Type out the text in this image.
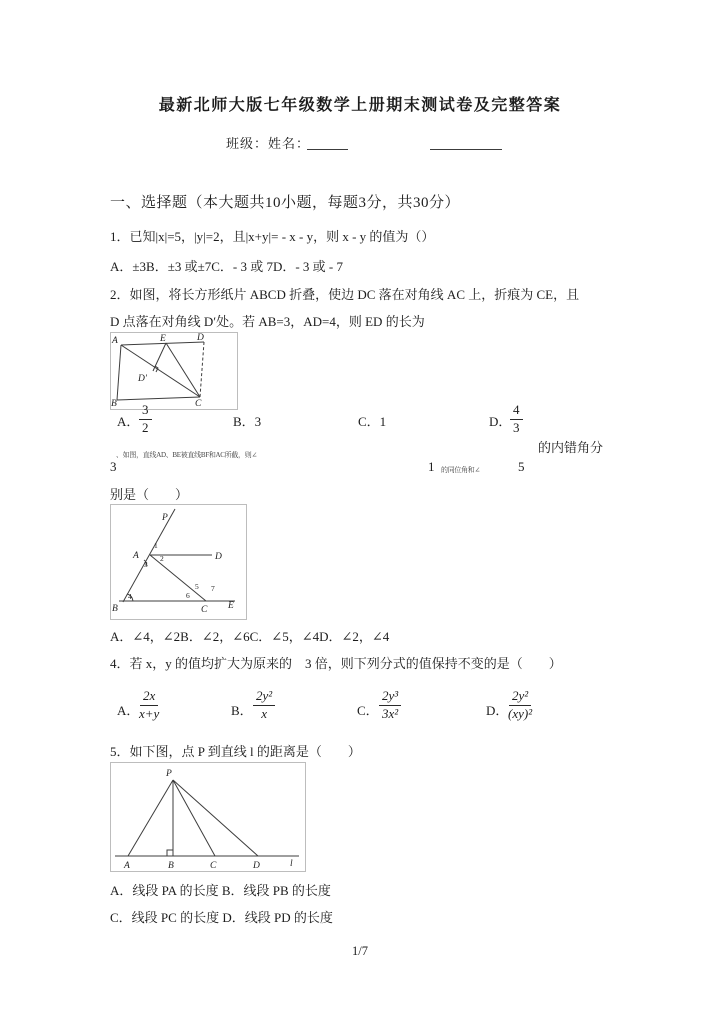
最新北师大版七年级数学上册期末测试卷及完整答案
班级：姓名：
一、选择题（本大题共10小题，每题3分，共30分）
1．已知|x|=5，|y|=2，且|x+y|= - x - y，则 x - y 的值为（）
A．±3B．±3 或±7C．- 3 或 7D．- 3 或 - 7
2．如图，将长方形纸片 ABCD 折叠，使边 DC 落在对角线 AC 上，折痕为 CE，且
D 点落在对角线 D′处。若 AB=3，AD=4，则 ED 的长为
A	E	D
B	C
D′
A． $\frac{3}{2}$	B．3	C．1	D．
$\frac{4}{3}$
3
、如图，直线AD、BE被直线BF和AC所截，则∠
1 的同位角和∠	5
的内错角分
别是（　　）
P
A	D
B	C E
1
2
3
4
5
6
7
A．∠4，∠2B．∠2，∠6C．∠5，∠4D．∠2，∠4
4．若 x，y 的值均扩大为原来的　3 倍，则下列分式的值保持不变的是（　　）
A． $\frac{2x}{x+y}$	B． $\frac{\text{2y²}}{x}$	C． $\frac{\text{2y³}}{\text{3x²}}$	D． $\frac{\text{2y²}}{\text{(xy)²}}$
5．如下图，点 P 到直线 l 的距离是（　　）
P
A	B	C	D	l
A．线段 PA 的长度 B．线段 PB 的长度
C．线段 PC 的长度 D．线段 PD 的长度
1/7
